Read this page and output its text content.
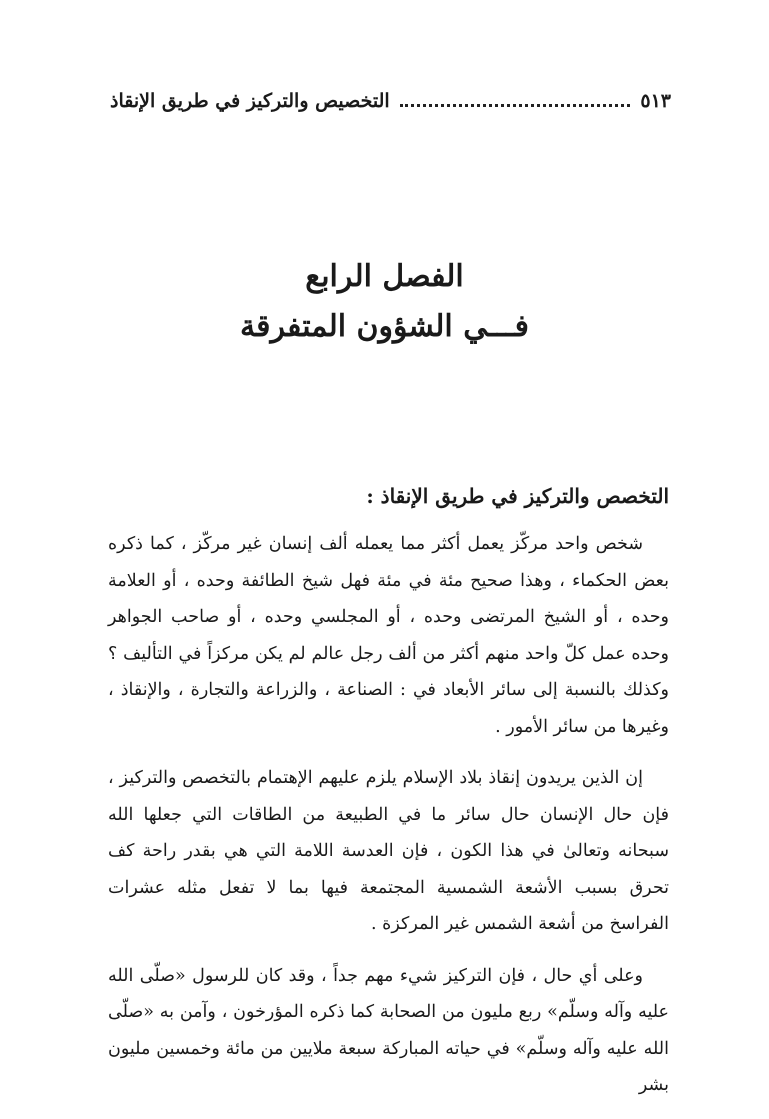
التخصيص والتركيز في طريق الإنقاذ	٥١٣
الفصل الرابع
فـــي الشؤون المتفرقة
التخصص والتركيز في طريق الإنقاذ :

شخص واحد مركّز يعمل أكثر مما يعمله ألف إنسان غير مركّز ، كما ذكره بعض الحكماء ، وهذا صحيح مئة في مئة فهل شيخ الطائفة وحده ، أو العلامة وحده ، أو الشيخ المرتضى وحده ، أو المجلسي وحده ، أو صاحب الجواهر وحده عمل كلّ واحد منهم أكثر من ألف رجل عالم لم يكن مركزاً في التأليف ؟ وكذلك بالنسبة إلى سائر الأبعاد في : الصناعة ، والزراعة والتجارة ، والإنقاذ ، وغيرها من سائر الأمور .

إن الذين يريدون إنقاذ بلاد الإسلام يلزم عليهم الإهتمام بالتخصص والتركيز ، فإن حال الإنسان حال سائر ما في الطبيعة من الطاقات التي جعلها الله سبحانه وتعالىٰ في هذا الكون ، فإن العدسة اللامة التي هي بقدر راحة كف تحرق بسبب الأشعة الشمسية المجتمعة فيها بما لا تفعل مثله عشرات الفراسخ من أشعة الشمس غير المركزة .

وعلى أي حال ، فإن التركيز شيء مهم جداً ، وقد كان للرسول «صلّى الله عليه وآله وسلّم» ربع مليون من الصحابة كما ذكره المؤرخون ، وآمن به «صلّى الله عليه وآله وسلّم» في حياته المباركة سبعة ملايين من مائة وخمسين مليون بشر
